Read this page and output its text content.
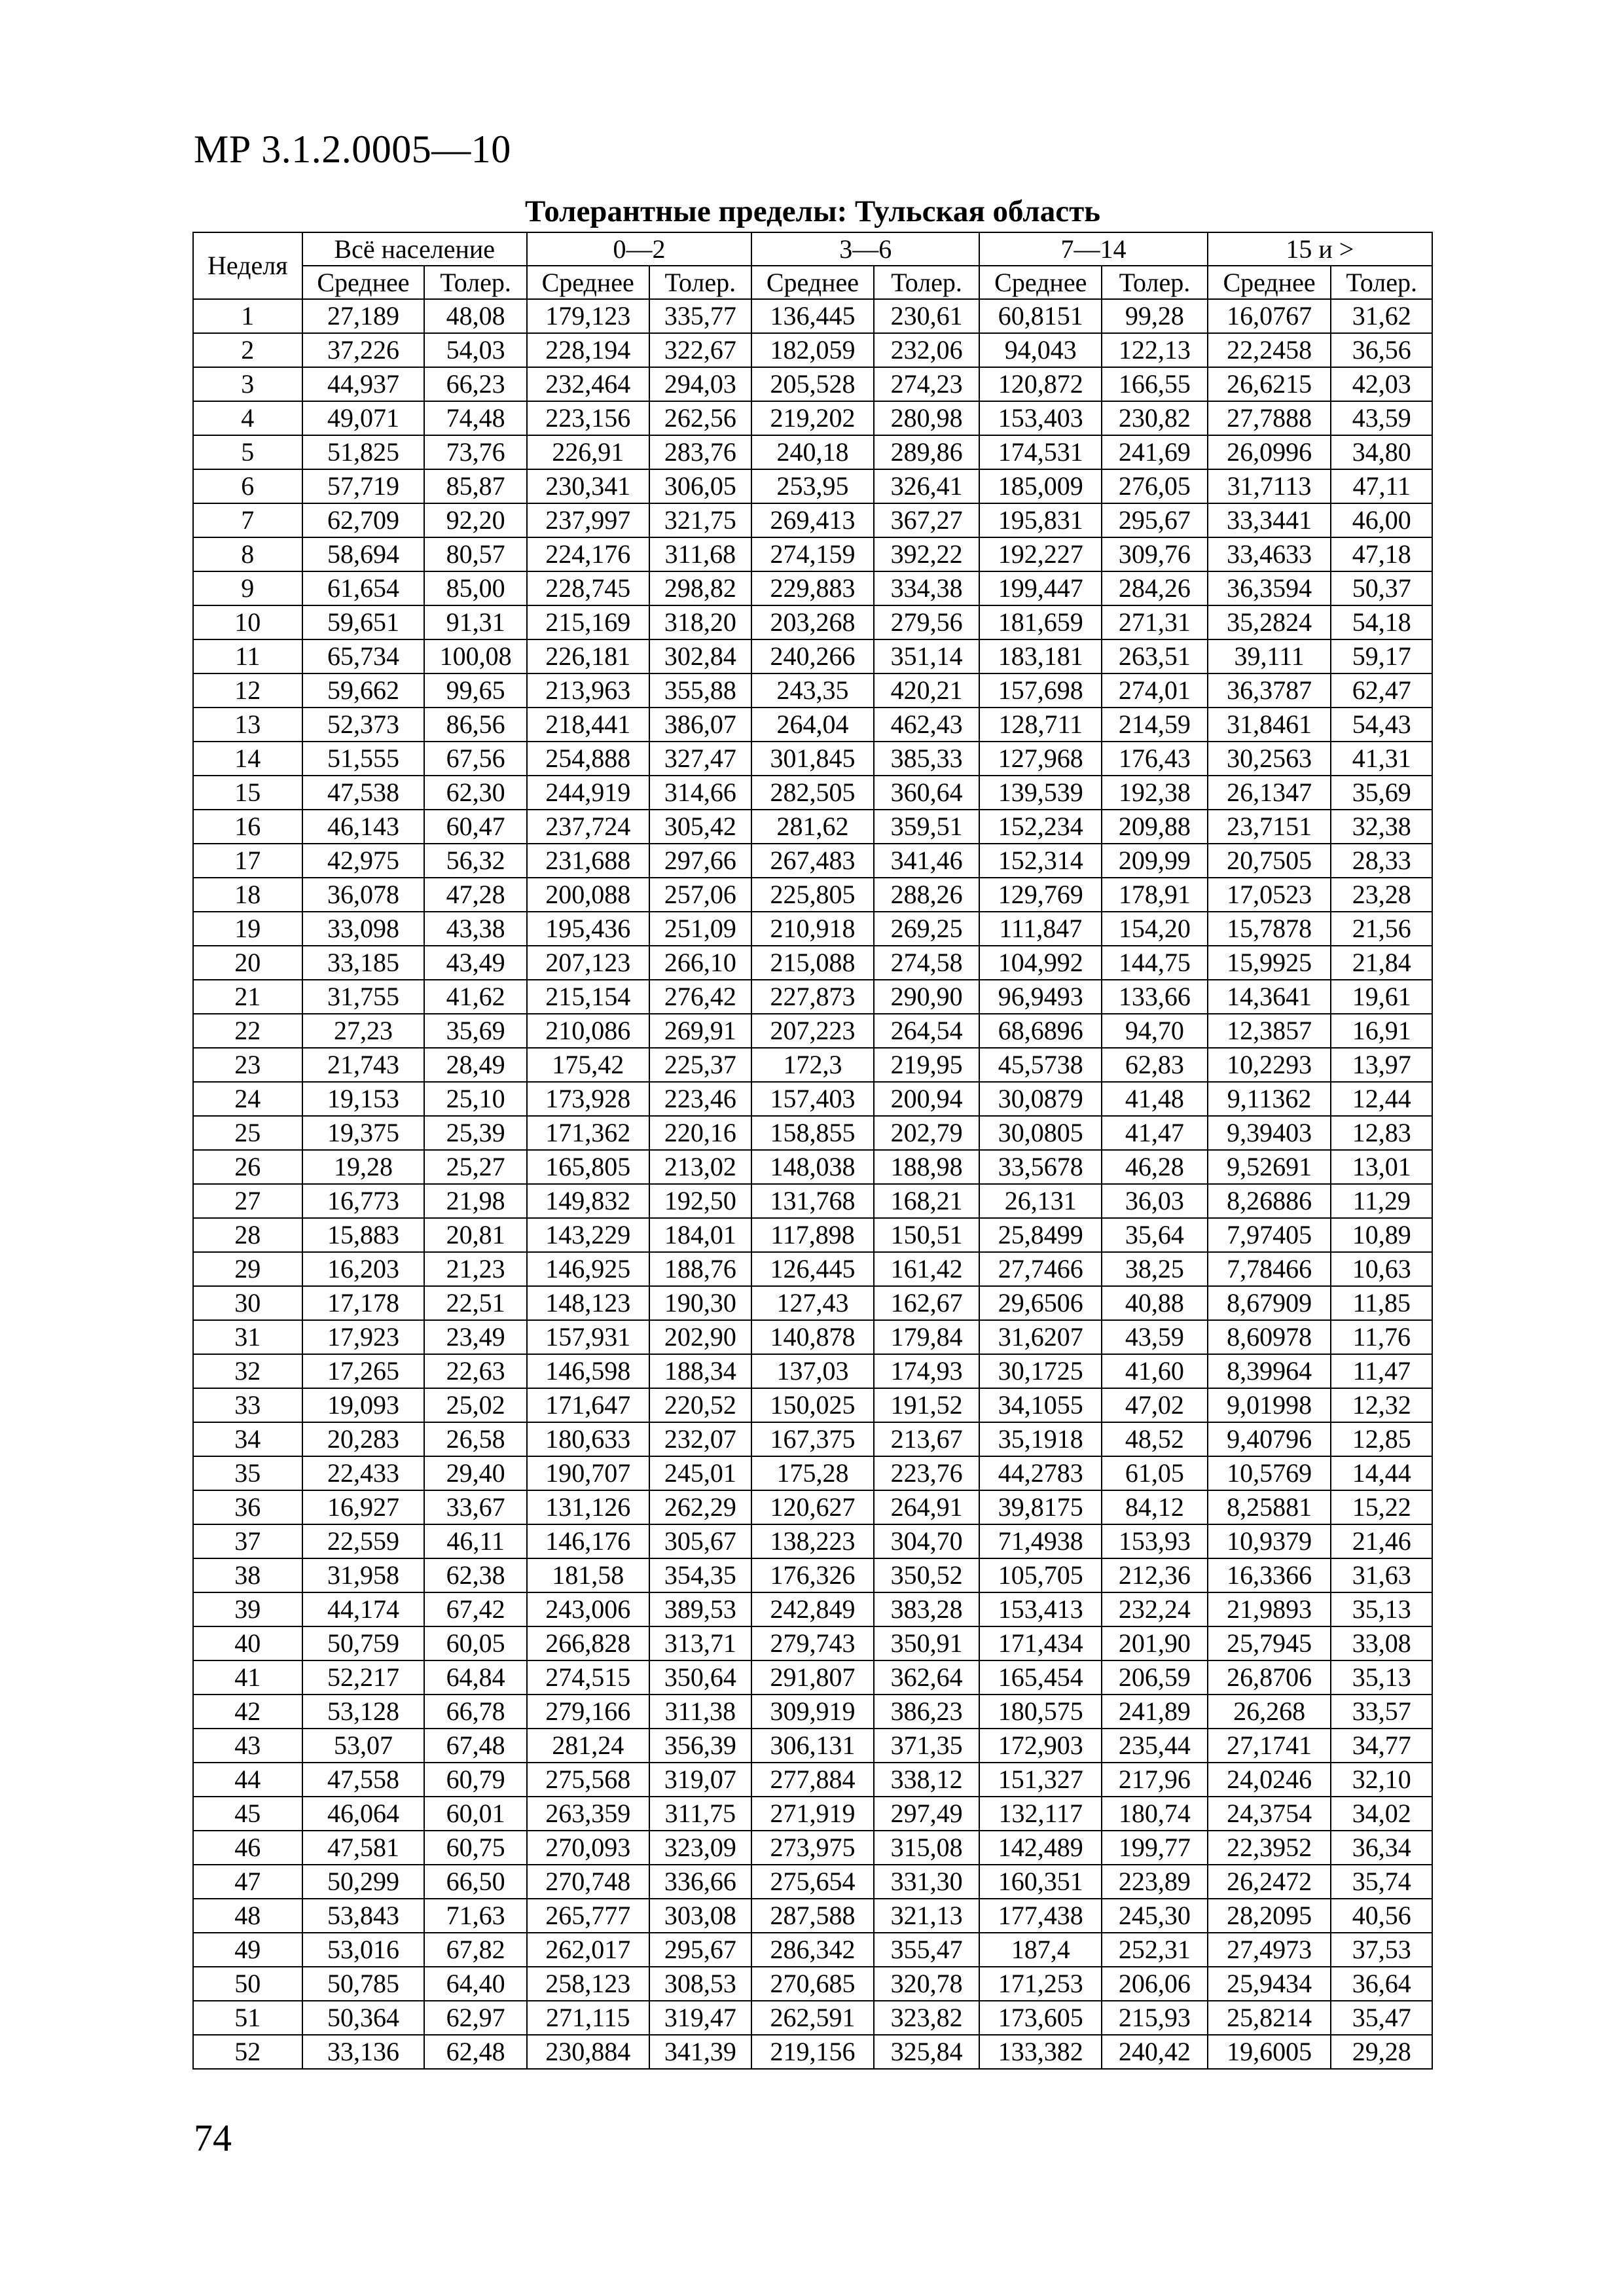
МР 3.1.2.0005—10
Толерантные пределы: Тульская область
Неделя	Всё население		0—2		3—6		7—14		15 и >	
	Среднее	Толер.	Среднее	Толер.	Среднее	Толер.	Среднее	Толер.	Среднее	Толер.
1	27,189	48,08	179,123	335,77	136,445	230,61	60,8151	99,28	16,0767	31,62
2	37,226	54,03	228,194	322,67	182,059	232,06	94,043	122,13	22,2458	36,56
3	44,937	66,23	232,464	294,03	205,528	274,23	120,872	166,55	26,6215	42,03
4	49,071	74,48	223,156	262,56	219,202	280,98	153,403	230,82	27,7888	43,59
5	51,825	73,76	226,91	283,76	240,18	289,86	174,531	241,69	26,0996	34,80
6	57,719	85,87	230,341	306,05	253,95	326,41	185,009	276,05	31,7113	47,11
7	62,709	92,20	237,997	321,75	269,413	367,27	195,831	295,67	33,3441	46,00
8	58,694	80,57	224,176	311,68	274,159	392,22	192,227	309,76	33,4633	47,18
9	61,654	85,00	228,745	298,82	229,883	334,38	199,447	284,26	36,3594	50,37
10	59,651	91,31	215,169	318,20	203,268	279,56	181,659	271,31	35,2824	54,18
11	65,734	100,08	226,181	302,84	240,266	351,14	183,181	263,51	39,111	59,17
12	59,662	99,65	213,963	355,88	243,35	420,21	157,698	274,01	36,3787	62,47
13	52,373	86,56	218,441	386,07	264,04	462,43	128,711	214,59	31,8461	54,43
14	51,555	67,56	254,888	327,47	301,845	385,33	127,968	176,43	30,2563	41,31
15	47,538	62,30	244,919	314,66	282,505	360,64	139,539	192,38	26,1347	35,69
16	46,143	60,47	237,724	305,42	281,62	359,51	152,234	209,88	23,7151	32,38
17	42,975	56,32	231,688	297,66	267,483	341,46	152,314	209,99	20,7505	28,33
18	36,078	47,28	200,088	257,06	225,805	288,26	129,769	178,91	17,0523	23,28
19	33,098	43,38	195,436	251,09	210,918	269,25	111,847	154,20	15,7878	21,56
20	33,185	43,49	207,123	266,10	215,088	274,58	104,992	144,75	15,9925	21,84
21	31,755	41,62	215,154	276,42	227,873	290,90	96,9493	133,66	14,3641	19,61
22	27,23	35,69	210,086	269,91	207,223	264,54	68,6896	94,70	12,3857	16,91
23	21,743	28,49	175,42	225,37	172,3	219,95	45,5738	62,83	10,2293	13,97
24	19,153	25,10	173,928	223,46	157,403	200,94	30,0879	41,48	9,11362	12,44
25	19,375	25,39	171,362	220,16	158,855	202,79	30,0805	41,47	9,39403	12,83
26	19,28	25,27	165,805	213,02	148,038	188,98	33,5678	46,28	9,52691	13,01
27	16,773	21,98	149,832	192,50	131,768	168,21	26,131	36,03	8,26886	11,29
28	15,883	20,81	143,229	184,01	117,898	150,51	25,8499	35,64	7,97405	10,89
29	16,203	21,23	146,925	188,76	126,445	161,42	27,7466	38,25	7,78466	10,63
30	17,178	22,51	148,123	190,30	127,43	162,67	29,6506	40,88	8,67909	11,85
31	17,923	23,49	157,931	202,90	140,878	179,84	31,6207	43,59	8,60978	11,76
32	17,265	22,63	146,598	188,34	137,03	174,93	30,1725	41,60	8,39964	11,47
33	19,093	25,02	171,647	220,52	150,025	191,52	34,1055	47,02	9,01998	12,32
34	20,283	26,58	180,633	232,07	167,375	213,67	35,1918	48,52	9,40796	12,85
35	22,433	29,40	190,707	245,01	175,28	223,76	44,2783	61,05	10,5769	14,44
36	16,927	33,67	131,126	262,29	120,627	264,91	39,8175	84,12	8,25881	15,22
37	22,559	46,11	146,176	305,67	138,223	304,70	71,4938	153,93	10,9379	21,46
38	31,958	62,38	181,58	354,35	176,326	350,52	105,705	212,36	16,3366	31,63
39	44,174	67,42	243,006	389,53	242,849	383,28	153,413	232,24	21,9893	35,13
40	50,759	60,05	266,828	313,71	279,743	350,91	171,434	201,90	25,7945	33,08
41	52,217	64,84	274,515	350,64	291,807	362,64	165,454	206,59	26,8706	35,13
42	53,128	66,78	279,166	311,38	309,919	386,23	180,575	241,89	26,268	33,57
43	53,07	67,48	281,24	356,39	306,131	371,35	172,903	235,44	27,1741	34,77
44	47,558	60,79	275,568	319,07	277,884	338,12	151,327	217,96	24,0246	32,10
45	46,064	60,01	263,359	311,75	271,919	297,49	132,117	180,74	24,3754	34,02
46	47,581	60,75	270,093	323,09	273,975	315,08	142,489	199,77	22,3952	36,34
47	50,299	66,50	270,748	336,66	275,654	331,30	160,351	223,89	26,2472	35,74
48	53,843	71,63	265,777	303,08	287,588	321,13	177,438	245,30	28,2095	40,56
49	53,016	67,82	262,017	295,67	286,342	355,47	187,4	252,31	27,4973	37,53
50	50,785	64,40	258,123	308,53	270,685	320,78	171,253	206,06	25,9434	36,64
51	50,364	62,97	271,115	319,47	262,591	323,82	173,605	215,93	25,8214	35,47
52	33,136	62,48	230,884	341,39	219,156	325,84	133,382	240,42	19,6005	29,28
74
